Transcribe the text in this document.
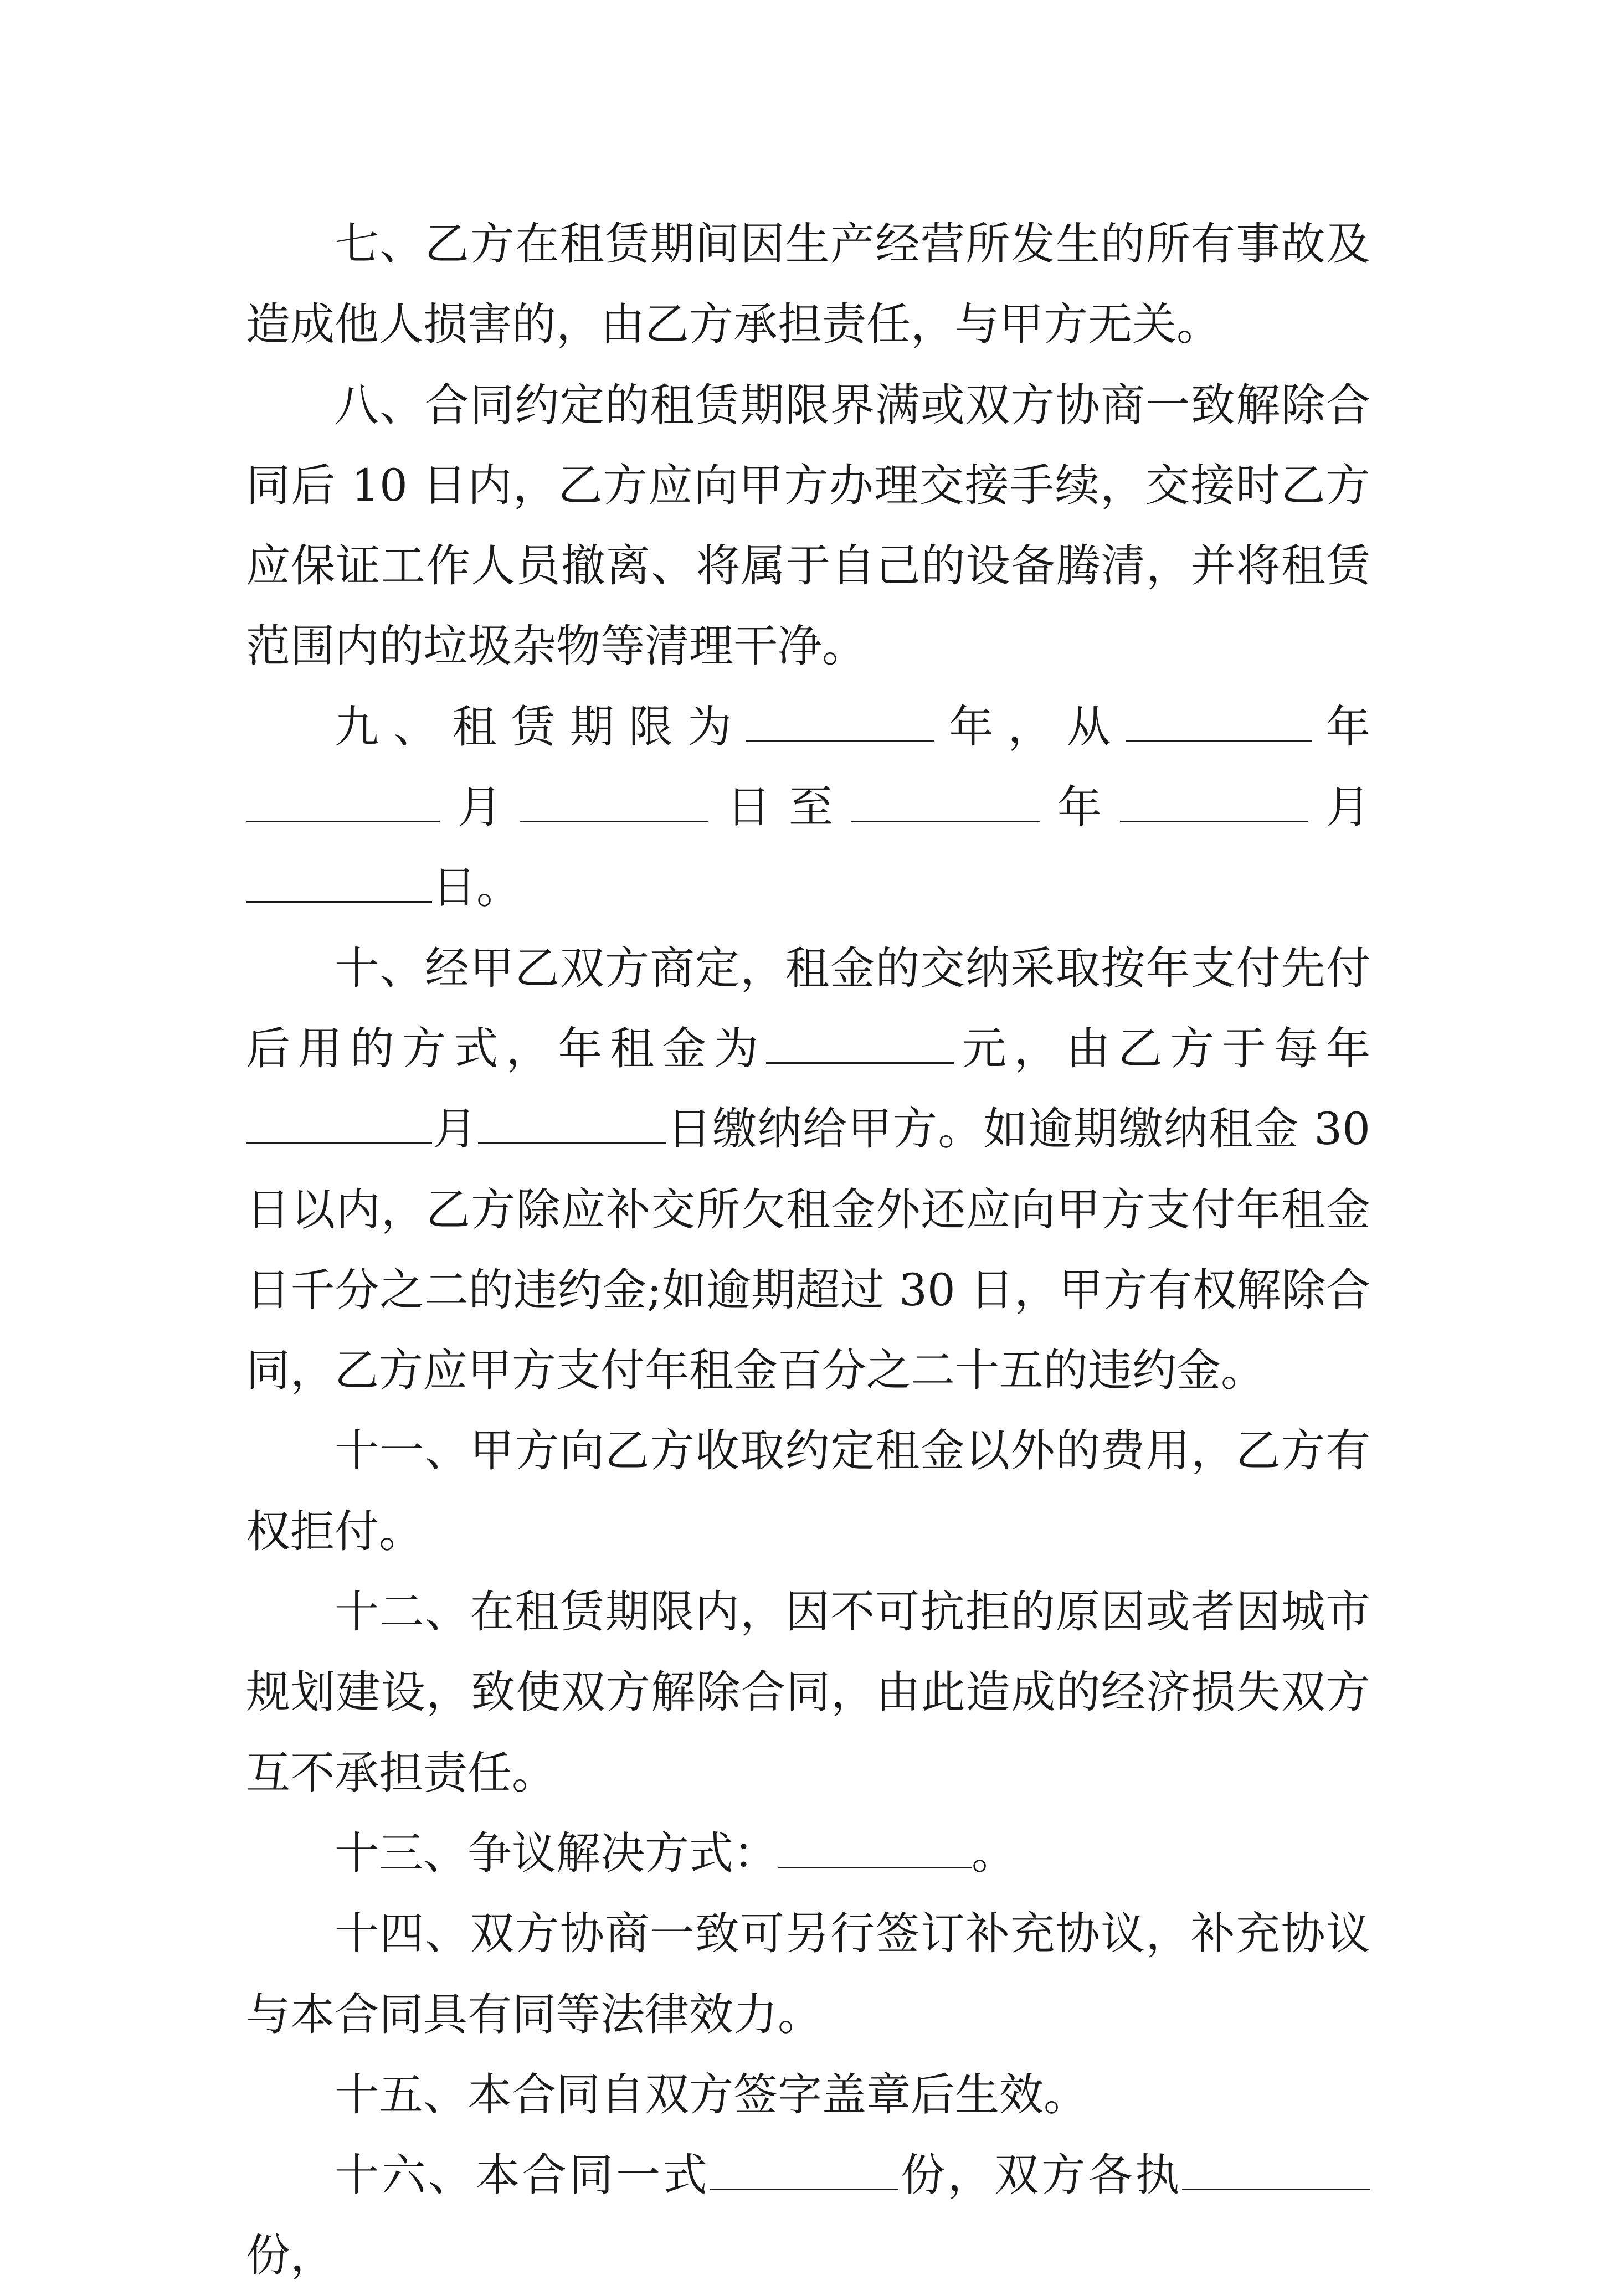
七、乙方在租赁期间因生产经营所发生的所有事故及造成他人损害的，由乙方承担责任，与甲方无关。

八、合同约定的租赁期限界满或双方协商一致解除合同后 10 日内，乙方应向甲方办理交接手续，交接时乙方应保证工作人员撤离、将属于自己的设备腾清，并将租赁范围内的垃圾杂物等清理干净。

九、租赁期限为	年，从	年月	日至	年	月日。

十、经甲乙双方商定，租金的交纳采取按年支付先付后用的方式，年租金为	元，由乙方于每年月	日缴纳给甲方。如逾期缴纳租金 30 日以内，乙方除应补交所欠租金外还应向甲方支付年租金日千分之二的违约金;如逾期超过 30 日，甲方有权解除合同，乙方应甲方支付年租金百分之二十五的违约金。

十一、甲方向乙方收取约定租金以外的费用，乙方有权拒付。

十二、在租赁期限内，因不可抗拒的原因或者因城市规划建设，致使双方解除合同，由此造成的经济损失双方互不承担责任。

十三、争议解决方式：	。

十四、双方协商一致可另行签订补充协议，补充协议与本合同具有同等法律效力。

十五、本合同自双方签字盖章后生效。

十六、本合同一式	份，双方各执份，
